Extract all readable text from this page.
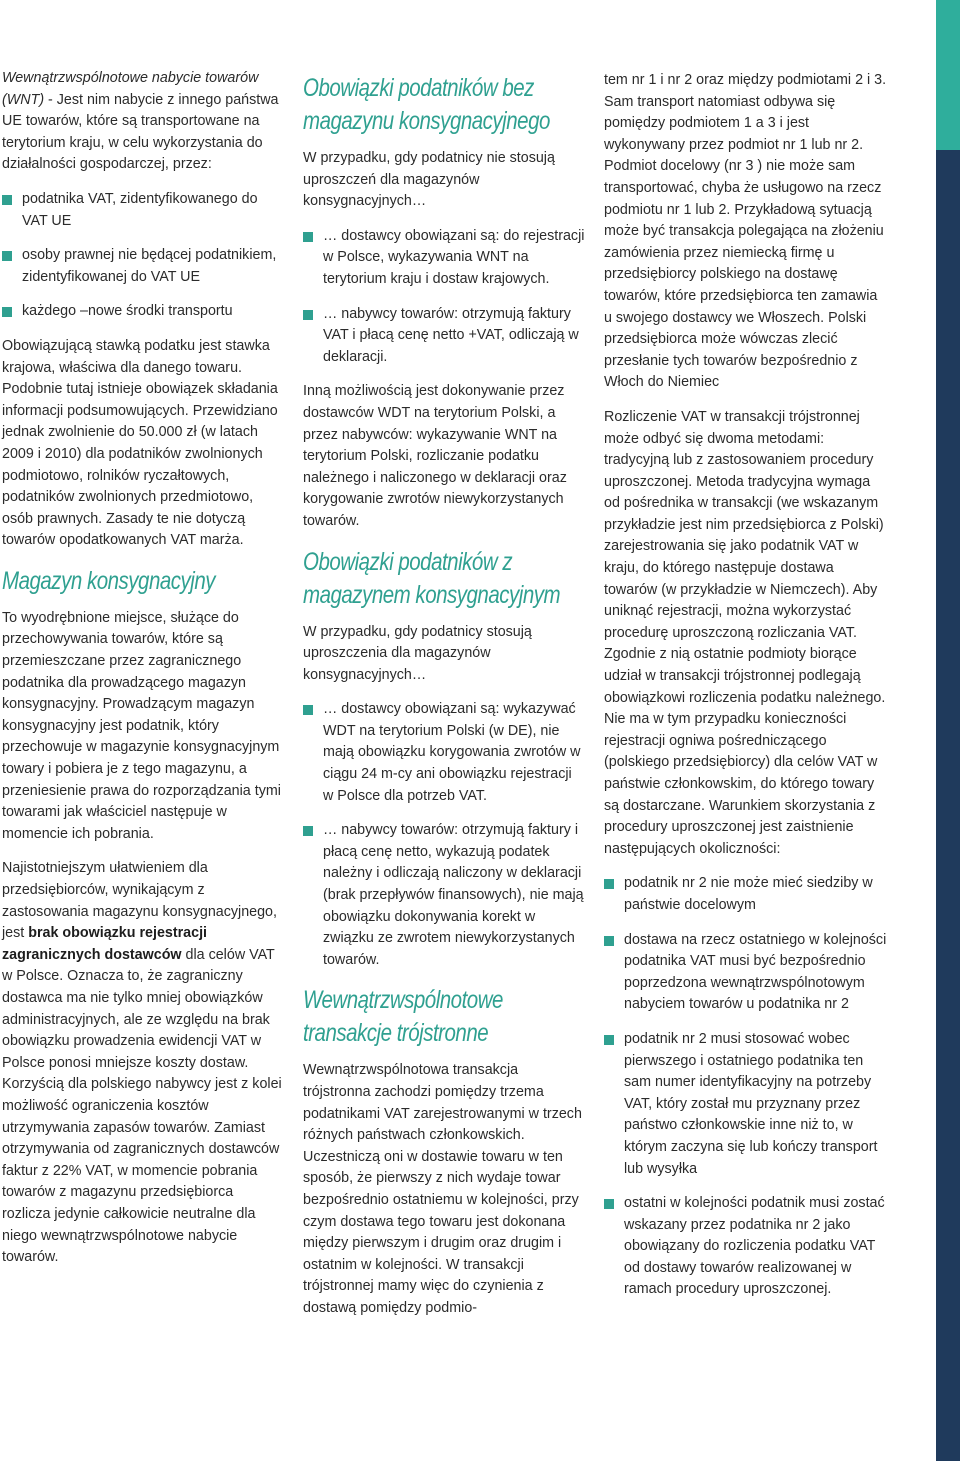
Wewnątrzwspólnotowe nabycie towarów (WNT) - Jest nim nabycie z innego państwa UE towarów, które są transportowane na terytorium kraju, w celu wykorzystania do działalności gospodarczej, przez:

podatnika VAT, zidentyfikowanego do VAT UE
osoby prawnej nie będącej podatnikiem, zidentyfikowanej do VAT UE
każdego –nowe środki transportu

Obowiązującą stawką podatku jest stawka krajowa, właściwa dla danego towaru. Podobnie tutaj istnieje obowiązek składania informacji podsumowujących. Przewidziano jednak zwolnienie do 50.000 zł (w latach 2009 i 2010) dla podatników zwolnionych podmiotowo, rolników ryczałtowych, podatników zwolnionych przedmiotowo, osób prawnych. Zasady te nie dotyczą towarów opodatkowanych VAT marża.

Magazyn konsygnacyjny

To wyodrębnione miejsce, służące do przechowywania towarów, które są przemieszczane przez zagranicznego podatnika dla prowadzącego magazyn konsygnacyjny. Prowadzącym magazyn konsygnacyjny jest podatnik, który przechowuje w magazynie konsygnacyjnym towary i pobiera je z tego magazynu, a przeniesienie prawa do rozporządzania tymi towarami jak właściciel następuje w momencie ich pobrania.

Najistotniejszym ułatwieniem dla przedsiębiorców, wynikającym z zastosowania magazynu konsygnacyjnego, jest brak obowiązku rejestracji zagranicznych dostawców dla celów VAT w Polsce. Oznacza to, że zagraniczny dostawca ma nie tylko mniej obowiązków administracyjnych, ale ze względu na brak obowiązku prowadzenia ewidencji VAT w Polsce ponosi mniejsze koszty dostaw. Korzyścią dla polskiego nabywcy jest z kolei możliwość ograniczenia kosztów utrzymywania zapasów towarów. Zamiast otrzymywania od zagranicznych dostawców faktur z 22% VAT, w momencie pobrania towarów z magazynu przedsiębiorca rozlicza jedynie całkowicie neutralne dla niego wewnątrzwspólnotowe nabycie towarów.

Obowiązki podatników bez magazynu konsygnacyjnego

W przypadku, gdy podatnicy nie stosują uproszczeń dla magazynów konsygnacyjnych…

… dostawcy obowiązani są: do rejestracji w Polsce, wykazywania WNT na terytorium kraju i dostaw krajowych.
… nabywcy towarów: otrzymują faktury VAT i płacą cenę netto +VAT, odliczają w deklaracji.

Inną możliwością jest dokonywanie przez dostawców WDT na terytorium Polski, a przez nabywców: wykazywanie WNT na terytorium Polski, rozliczanie podatku należnego i naliczonego w deklaracji oraz korygowanie zwrotów niewykorzystanych towarów.

Obowiązki podatników z magazynem konsygnacyjnym

W przypadku, gdy podatnicy stosują uproszczenia dla magazynów konsygnacyjnych…

… dostawcy obowiązani są: wykazywać WDT na terytorium Polski (w DE), nie mają obowiązku korygowania zwrotów w ciągu 24 m-cy ani obowiązku rejestracji w Polsce dla potrzeb VAT.
… nabywcy towarów: otrzymują faktury i płacą cenę netto, wykazują podatek należny i odliczają naliczony w deklaracji (brak przepływów finansowych), nie mają obowiązku dokonywania korekt w związku ze zwrotem niewykorzystanych towarów.
Wewnątrzwspólnotowe transakcje trójstronne

Wewnątrzwspólnotowa transakcja trójstronna zachodzi pomiędzy trzema podatnikami VAT zarejestrowanymi w trzech różnych państwach członkowskich. Uczestniczą oni w dostawie towaru w ten sposób, że pierwszy z nich wydaje towar bezpośrednio ostatniemu w kolejności, przy czym dostawa tego towaru jest dokonana między pierwszym i drugim oraz drugim i ostatnim w kolejności. W transakcji trójstronnej mamy więc do czynienia z dostawą pomiędzy podmio-

tem nr 1 i nr 2 oraz między podmiotami 2 i 3. Sam transport natomiast odbywa się pomiędzy podmiotem 1 a 3 i jest wykonywany przez podmiot nr 1 lub nr 2. Podmiot docelowy (nr 3 ) nie może sam transportować, chyba że usługowo na rzecz podmiotu nr 1 lub 2. Przykładową sytuacją może być transakcja polegająca na złożeniu zamówienia przez niemiecką firmę u przedsiębiorcy polskiego na dostawę towarów, które przedsiębiorca ten zamawia u swojego dostawcy we Włoszech. Polski przedsiębiorca może wówczas zlecić przesłanie tych towarów bezpośrednio z Włoch do Niemiec

Rozliczenie VAT w transakcji trójstronnej może odbyć się dwoma metodami: tradycyjną lub z zastosowaniem procedury uproszczonej. Metoda tradycyjna wymaga od pośrednika w transakcji (we wskazanym przykładzie jest nim przedsiębiorca z Polski) zarejestrowania się jako podatnik VAT w kraju, do którego następuje dostawa towarów (w przykładzie w Niemczech). Aby uniknąć rejestracji, można wykorzystać procedurę uproszczoną rozliczania VAT. Zgodnie z nią ostatnie podmioty biorące udział w transakcji trójstronnej podlegają obowiązkowi rozliczenia podatku należnego. Nie ma w tym przypadku konieczności rejestracji ogniwa pośredniczącego (polskiego przedsiębiorcy) dla celów VAT w państwie członkowskim, do którego towary są dostarczane. Warunkiem skorzystania z procedury uproszczonej jest zaistnienie następujących okoliczności:

podatnik nr 2 nie może mieć siedziby w państwie docelowym
dostawa na rzecz ostatniego w kolejności podatnika VAT musi być bezpośrednio poprzedzona wewnątrzwspólnotowym nabyciem towarów u podatnika nr 2
podatnik nr 2 musi stosować wobec pierwszego i ostatniego podatnika ten sam numer identyfikacyjny na potrzeby VAT, który został mu przyznany przez państwo członkowskie inne niż to, w którym zaczyna się lub kończy transport lub wysyłka
ostatni w kolejności podatnik musi zostać wskazany przez podatnika nr 2 jako obowiązany do rozliczenia podatku VAT od dostawy towarów realizowanej w ramach procedury uproszczonej.
